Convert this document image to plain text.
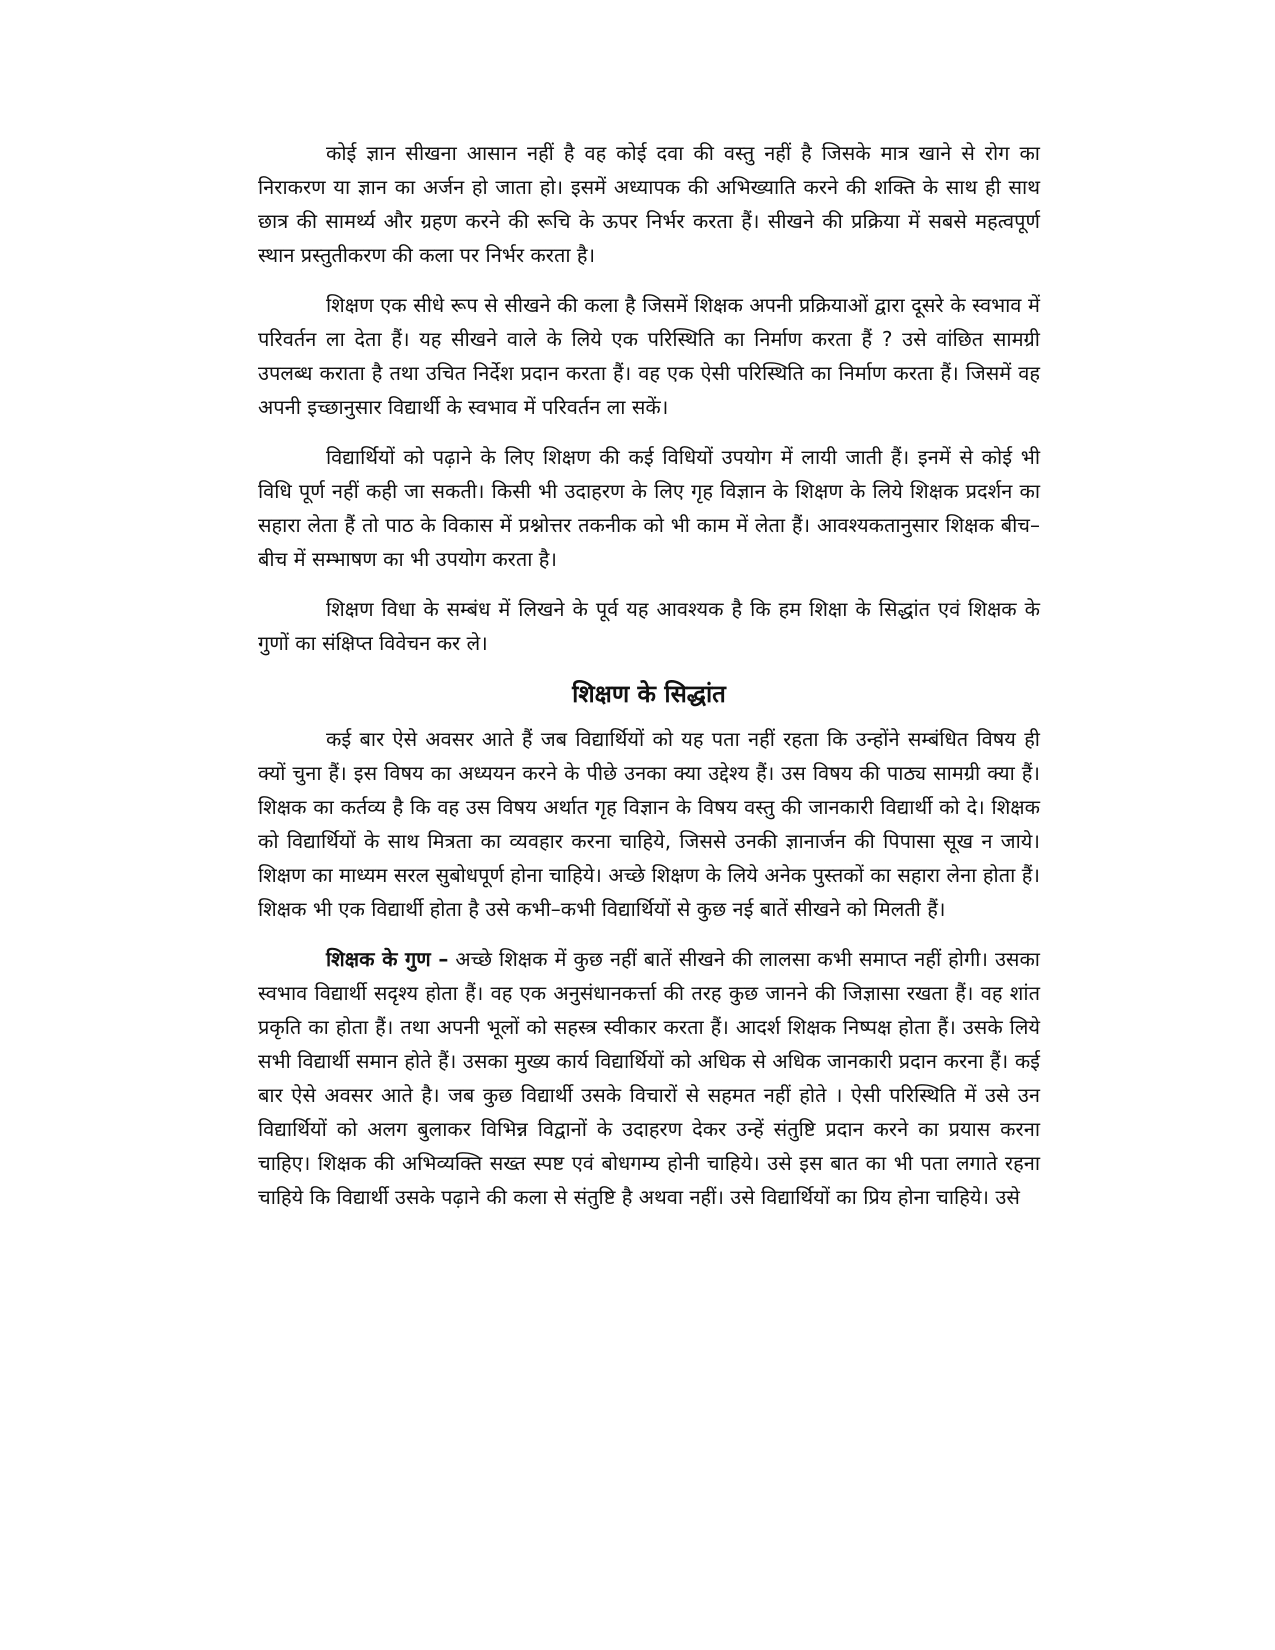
कोई ज्ञान सीखना आसान नहीं है वह कोई दवा की वस्तु नहीं है जिसके मात्र खाने से रोग का निराकरण या ज्ञान का अर्जन हो जाता हो। इसमें अध्यापक की अभिख्याति करने की शक्ति के साथ ही साथ छात्र की सामर्थ्य और ग्रहण करने की रूचि के ऊपर निर्भर करता हैं। सीखने की प्रक्रिया में सबसे महत्वपूर्ण स्थान प्रस्तुतीकरण की कला पर निर्भर करता है।

शिक्षण एक सीधे रूप से सीखने की कला है जिसमें शिक्षक अपनी प्रक्रियाओं द्वारा दूसरे के स्वभाव में परिवर्तन ला देता हैं। यह सीखने वाले के लिये एक परिस्थिति का निर्माण करता हैं ? उसे वांछित सामग्री उपलब्ध कराता है तथा उचित निर्देश प्रदान करता हैं। वह एक ऐसी परिस्थिति का निर्माण करता हैं। जिसमें वह अपनी इच्छानुसार विद्यार्थी के स्वभाव में परिवर्तन ला सकें।

विद्यार्थियों को पढ़ाने के लिए शिक्षण की कई विधियों उपयोग में लायी जाती हैं। इनमें से कोई भी विधि पूर्ण नहीं कही जा सकती। किसी भी उदाहरण के लिए गृह विज्ञान के शिक्षण के लिये शिक्षक प्रदर्शन का सहारा लेता हैं तो पाठ के विकास में प्रश्नोत्तर तकनीक को भी काम में लेता हैं। आवश्यकतानुसार शिक्षक बीच–बीच में सम्भाषण का भी उपयोग करता है।

शिक्षण विधा के सम्बंध में लिखने के पूर्व यह आवश्यक है कि हम शिक्षा के सिद्धांत एवं शिक्षक के गुणों का संक्षिप्त विवेचन कर ले।

शिक्षण के सिद्धांत

कई बार ऐसे अवसर आते हैं जब विद्यार्थियों को यह पता नहीं रहता कि उन्होंने सम्बंधित विषय ही क्यों चुना हैं। इस विषय का अध्ययन करने के पीछे उनका क्या उद्देश्य हैं। उस विषय की पाठ्य सामग्री क्या हैं। शिक्षक का कर्तव्य है कि वह उस विषय अर्थात गृह विज्ञान के विषय वस्तु की जानकारी विद्यार्थी को दे। शिक्षक को विद्यार्थियों के साथ मित्रता का व्यवहार करना चाहिये, जिससे उनकी ज्ञानार्जन की पिपासा सूख न जाये। शिक्षण का माध्यम सरल सुबोधपूर्ण होना चाहिये। अच्छे शिक्षण के लिये अनेक पुस्तकों का सहारा लेना होता हैं। शिक्षक भी एक विद्यार्थी होता है उसे कभी–कभी विद्यार्थियों से कुछ नई बातें सीखने को मिलती हैं।

शिक्षक के गुण – अच्छे शिक्षक में कुछ नहीं बातें सीखने की लालसा कभी समाप्त नहीं होगी। उसका स्वभाव विद्यार्थी सदृश्य होता हैं। वह एक अनुसंधानकर्त्ता की तरह कुछ जानने की जिज्ञासा रखता हैं। वह शांत प्रकृति का होता हैं। तथा अपनी भूलों को सहस्त्र स्वीकार करता हैं। आदर्श शिक्षक निष्पक्ष होता हैं। उसके लिये सभी विद्यार्थी समान होते हैं। उसका मुख्य कार्य विद्यार्थियों को अधिक से अधिक जानकारी प्रदान करना हैं। कई बार ऐसे अवसर आते है। जब कुछ विद्यार्थी उसके विचारों से सहमत नहीं होते । ऐसी परिस्थिति में उसे उन विद्यार्थियों को अलग बुलाकर विभिन्न विद्वानों के उदाहरण देकर उन्हें संतुष्टि प्रदान करने का प्रयास करना चाहिए। शिक्षक की अभिव्यक्ति सख्त स्पष्ट एवं बोधगम्य होनी चाहिये। उसे इस बात का भी पता लगाते रहना चाहिये कि विद्यार्थी उसके पढ़ाने की कला से संतुष्टि है अथवा नहीं। उसे विद्यार्थियों का प्रिय होना चाहिये। उसे
